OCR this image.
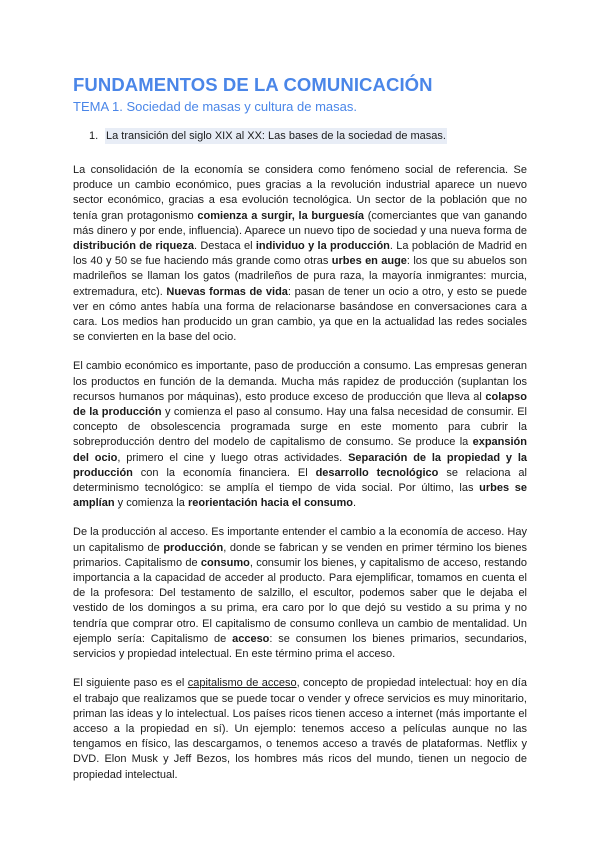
FUNDAMENTOS DE LA COMUNICACIÓN
TEMA 1. Sociedad de masas y cultura de masas.
1. La transición del siglo XIX al XX: Las bases de la sociedad de masas.

La consolidación de la economía se considera como fenómeno social de referencia. Se produce un cambio económico, pues gracias a la revolución industrial aparece un nuevo sector económico, gracias a esa evolución tecnológica. Un sector de la población que no tenía gran protagonismo comienza a surgir, la burguesía (comerciantes que van ganando más dinero y por ende, influencia). Aparece un nuevo tipo de sociedad y una nueva forma de distribución de riqueza. Destaca el individuo y la producción. La población de Madrid en los 40 y 50 se fue haciendo más grande como otras urbes en auge: los que su abuelos son madrileños se llaman los gatos (madrileños de pura raza, la mayoría inmigrantes: murcia, extremadura, etc). Nuevas formas de vida: pasan de tener un ocio a otro, y esto se puede ver en cómo antes había una forma de relacionarse basándose en conversaciones cara a cara. Los medios han producido un gran cambio, ya que en la actualidad las redes sociales se convierten en la base del ocio.

El cambio económico es importante, paso de producción a consumo. Las empresas generan los productos en función de la demanda. Mucha más rapidez de producción (suplantan los recursos humanos por máquinas), esto produce exceso de producción que lleva al colapso de la producción y comienza el paso al consumo. Hay una falsa necesidad de consumir. El concepto de obsolescencia programada surge en este momento para cubrir la sobreproducción dentro del modelo de capitalismo de consumo. Se produce la expansión del ocio, primero el cine y luego otras actividades. Separación de la propiedad y la producción con la economía financiera. El desarrollo tecnológico se relaciona al determinismo tecnológico: se amplía el tiempo de vida social. Por último, las urbes se amplían y comienza la reorientación hacia el consumo.

De la producción al acceso. Es importante entender el cambio a la economía de acceso. Hay un capitalismo de producción, donde se fabrican y se venden en primer término los bienes primarios. Capitalismo de consumo, consumir los bienes, y capitalismo de acceso, restando importancia a la capacidad de acceder al producto. Para ejemplificar, tomamos en cuenta el de la profesora: Del testamento de salzillo, el escultor, podemos saber que le dejaba el vestido de los domingos a su prima, era caro por lo que dejó su vestido a su prima y no tendría que comprar otro. El capitalismo de consumo conlleva un cambio de mentalidad. Un ejemplo sería: Capitalismo de acceso: se consumen los bienes primarios, secundarios, servicios y propiedad intelectual. En este término prima el acceso.

El siguiente paso es el capitalismo de acceso, concepto de propiedad intelectual: hoy en día el trabajo que realizamos que se puede tocar o vender y ofrece servicios es muy minoritario, priman las ideas y lo intelectual. Los países ricos tienen acceso a internet (más importante el acceso a la propiedad en sí). Un ejemplo: tenemos acceso a películas aunque no las tengamos en físico, las descargamos, o tenemos acceso a través de plataformas. Netflix y DVD. Elon Musk y Jeff Bezos, los hombres más ricos del mundo, tienen un negocio de propiedad intelectual.
